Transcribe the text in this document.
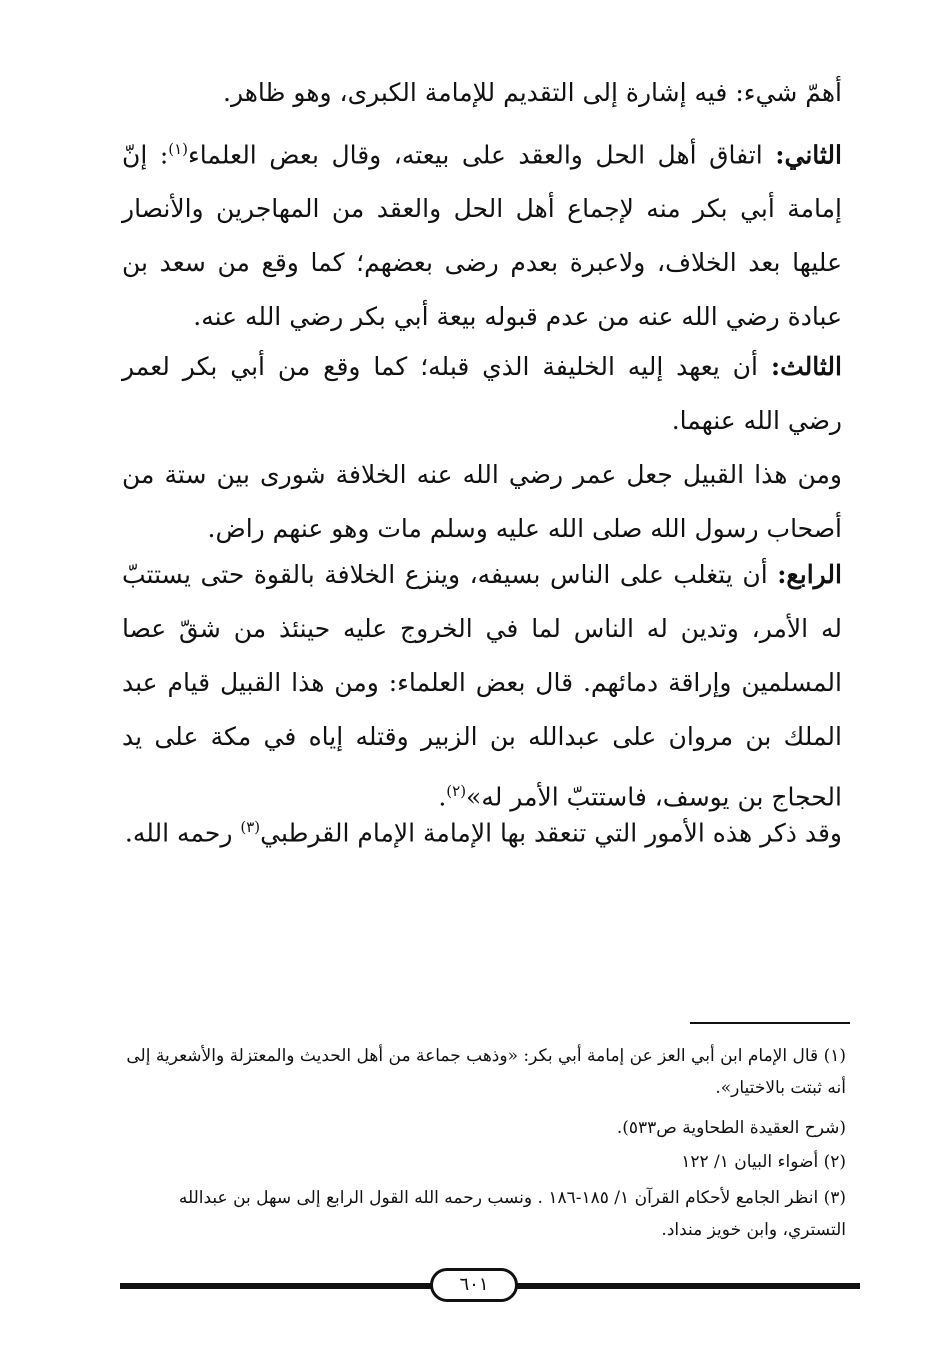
أهمّ شيء: فيه إشارة إلى التقديم للإمامة الكبرى، وهو ظاهر.
الثاني: اتفاق أهل الحل والعقد على بيعته، وقال بعض العلماء$^{(١)}$: إنّ إمامة أبي بكر منه لإجماع أهل الحل والعقد من المهاجرين والأنصار عليها بعد الخلاف، ولاعبرة بعدم رضى بعضهم؛ كما وقع من سعد بن عبادة رضي الله عنه من عدم قبوله بيعة أبي بكر رضي الله عنه.
الثالث: أن يعهد إليه الخليفة الذي قبله؛ كما وقع من أبي بكر لعمر رضي الله عنهما.
ومن هذا القبيل جعل عمر رضي الله عنه الخلافة شورى بين ستة من أصحاب رسول الله صلى الله عليه وسلم مات وهو عنهم راض.
الرابع: أن يتغلب على الناس بسيفه، وينزع الخلافة بالقوة حتى يستتبّ له الأمر، وتدين له الناس لما في الخروج عليه حينئذ من شقّ عصا المسلمين وإراقة دمائهم. قال بعض العلماء: ومن هذا القبيل قيام عبد الملك بن مروان على عبدالله بن الزبير وقتله إياه في مكة على يد الحجاج بن يوسف، فاستتبّ الأمر له»$^{(٢)}$.
وقد ذكر هذه الأمور التي تنعقد بها الإمامة الإمام القرطبي$^{(٣)}$ رحمه الله.
(١) قال الإمام ابن أبي العز عن إمامة أبي بكر: «وذهب جماعة من أهل الحديث والمعتزلة والأشعرية إلى أنه ثبتت بالاختيار».
(شرح العقيدة الطحاوية ص٥٣٣).
(٢) أضواء البيان ١/ ١٢٢
(٣) انظر الجامع لأحكام القرآن ١/ ١٨٥-١٨٦ . ونسب رحمه الله القول الرابع إلى سهل بن عبدالله التستري، وابن خويز منداد.
٦٠١
